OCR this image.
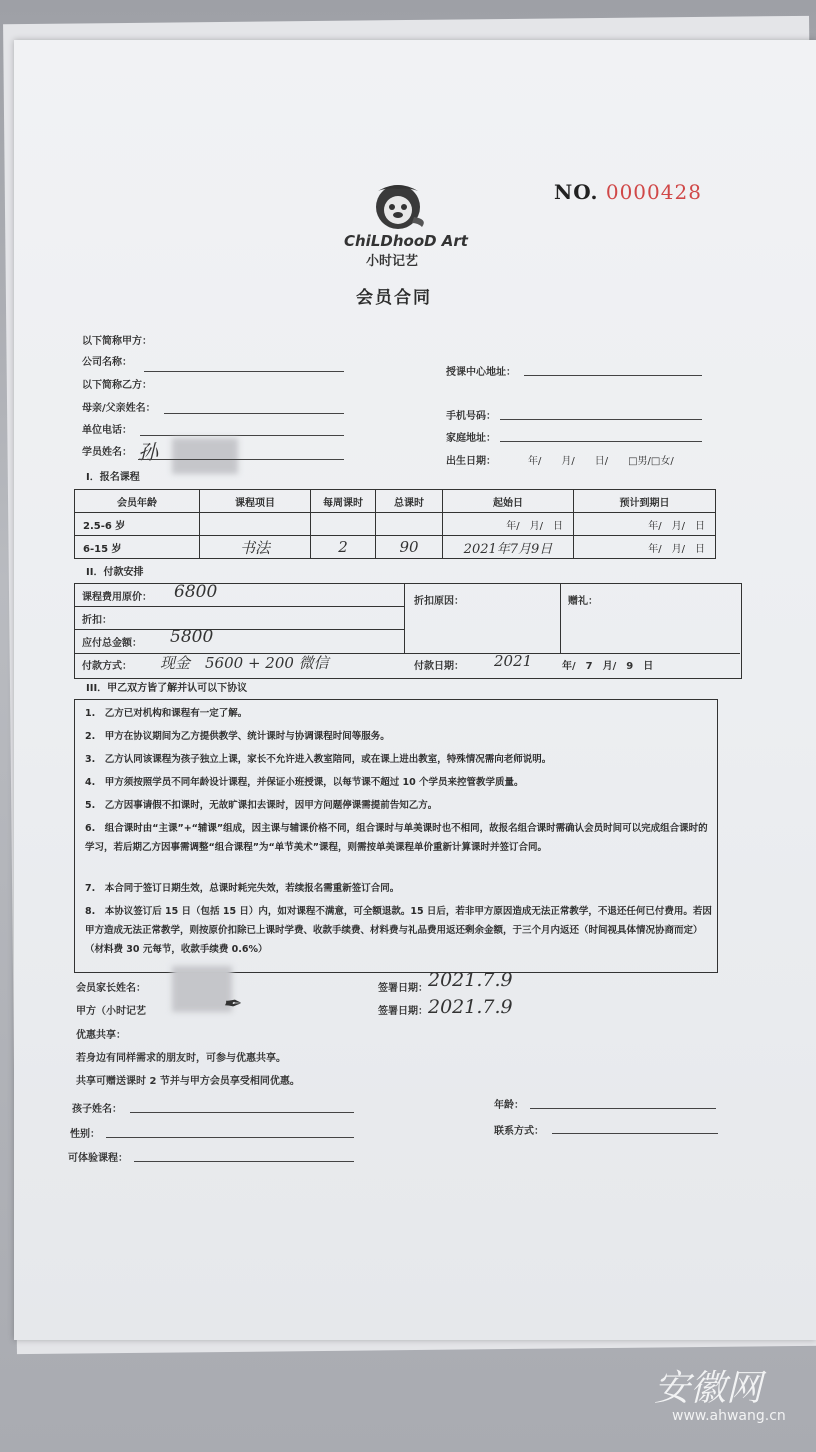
ChiLDhooD Art
小时记艺
NO. 0000428
会员合同
以下简称甲方：
公司名称：
授课中心地址：
以下简称乙方：
母亲/父亲姓名：
手机号码：
单位电话：
家庭地址：
学员姓名： 孙	出生日期：	年/　　月/　　日/　　□男/□女/
I．报名课程
会员年龄	课程项目	每周课时	总课时	起始日	预计到期日
2.5-6 岁				年/　月/　日	年/　月/　日
6-15 岁	书法	2	90	2021年7月9日	年/　月/　日
II．付款安排
课程费用原价： 6800
折扣：
应付总金额： 5800
折扣原因：	赠礼：
付款方式： 现金　5600 + 200 微信	付款日期： 2021	年/　7　月/　9　日
III．甲乙双方皆了解并认可以下协议
1.　乙方已对机构和课程有一定了解。
2.　甲方在协议期间为乙方提供教学、统计课时与协调课程时间等服务。
3.　乙方认同该课程为孩子独立上课，家长不允许进入教室陪同，或在课上进出教室，特殊情况需向老师说明。
4.　甲方须按照学员不同年龄设计课程，并保证小班授课，以每节课不超过 10 个学员来控管教学质量。
5.　乙方因事请假不扣课时，无故旷课扣去课时，因甲方问题停课需提前告知乙方。
6.　组合课时由“主课”+“辅课”组成，因主课与辅课价格不同，组合课时与单美课时也不相同，故报名组合课时需确认会员时间可以完成组合课时的学习，若后期乙方因事需调整“组合课程”为“单节美术”课程，则需按单美课程单价重新计算课时并签订合同。
7.　本合同于签订日期生效，总课时耗完失效，若续报名需重新签订合同。
8.　本协议签订后 15 日（包括 15 日）内，如对课程不满意，可全额退款。15 日后，若非甲方原因造成无法正常教学，不退还任何已付费用。若因甲方造成无法正常教学，则按原价扣除已上课时学费、收款手续费、材料费与礼品费用返还剩余金额，于三个月内返还（时间视具体情况协商而定）（材料费 30 元每节，收款手续费 0.6%）
会员家长姓名：
甲方（小时记艺	✒
签署日期： 2021.7.9
签署日期： 2021.7.9
优惠共享：
若身边有同样需求的朋友时，可参与优惠共享。
共享可赠送课时 2 节并与甲方会员享受相同优惠。
孩子姓名：	年龄：
性别：	联系方式：
可体验课程：
安徽网
www.ahwang.cn
